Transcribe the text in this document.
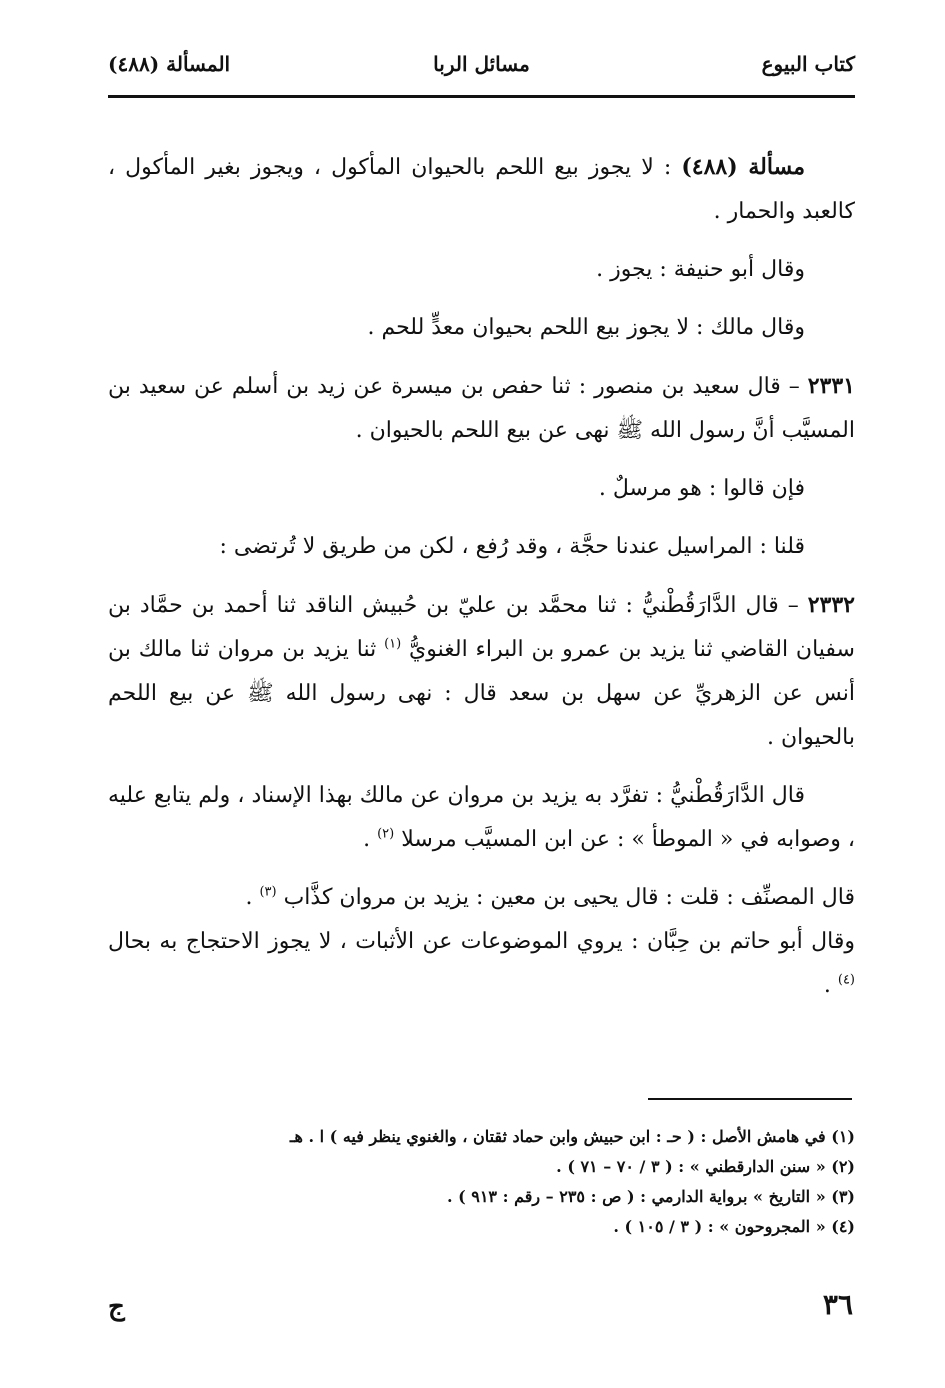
كتاب البيوع
مسائل الربا
المسألة (٤٨٨)

مسألة (٤٨٨) : لا يجوز بيع اللحم بالحيوان المأكول ، ويجوز بغير المأكول ، كالعبد والحمار .

وقال أبو حنيفة : يجوز .

وقال مالك : لا يجوز بيع اللحم بحيوان معدٍّ للحم .

٢٣٣١ – قال سعيد بن منصور : ثنا حفص بن ميسرة عن زيد بن أسلم عن سعيد بن المسيَّب أنَّ رسول الله ﷺ نهى عن بيع اللحم بالحيوان .

فإن قالوا : هو مرسلٌ .

قلنا : المراسيل عندنا حجَّة ، وقد رُفع ، لكن من طريق لا تُرتضى :

٢٣٣٢ – قال الدَّارَقُطْنيُّ : ثنا محمَّد بن عليّ بن حُبيش الناقد ثنا أحمد بن حمَّاد بن سفيان القاضي ثنا يزيد بن عمرو بن البراء الغنويُّ $^{(١)}$ ثنا يزيد بن مروان ثنا مالك بن أنس عن الزهريِّ عن سهل بن سعد قال : نهى رسول الله ﷺ عن بيع اللحم بالحيوان .

قال الدَّارَقُطْنيُّ : تفرَّد به يزيد بن مروان عن مالك بهذا الإسناد ، ولم يتابع عليه ، وصوابه في « الموطأ » : عن ابن المسيَّب مرسلا $^{(٢)}$ .

قال المصنِّف : قلت : قال يحيى بن معين : يزيد بن مروان كذَّاب $^{(٣)}$ .

وقال أبو حاتم بن حِبَّان : يروي الموضوعات عن الأثبات ، لا يجوز الاحتجاج به بحال $^{(٤)}$ .

(١) في هامش الأصل : ( حـ : ابن حبيش وابن حماد ثقتان ، والغنوي ينظر فيه ) ا . هـ
(٢) « سنن الدارقطني » : ( ٣ / ٧٠ – ٧١ ) .
(٣) « التاريخ » برواية الدارمي : ( ص : ٢٣٥ – رقم : ٩١٣ ) .
(٤) « المجروحون » : ( ٣ / ١٠٥ ) .
٣٦
ج
